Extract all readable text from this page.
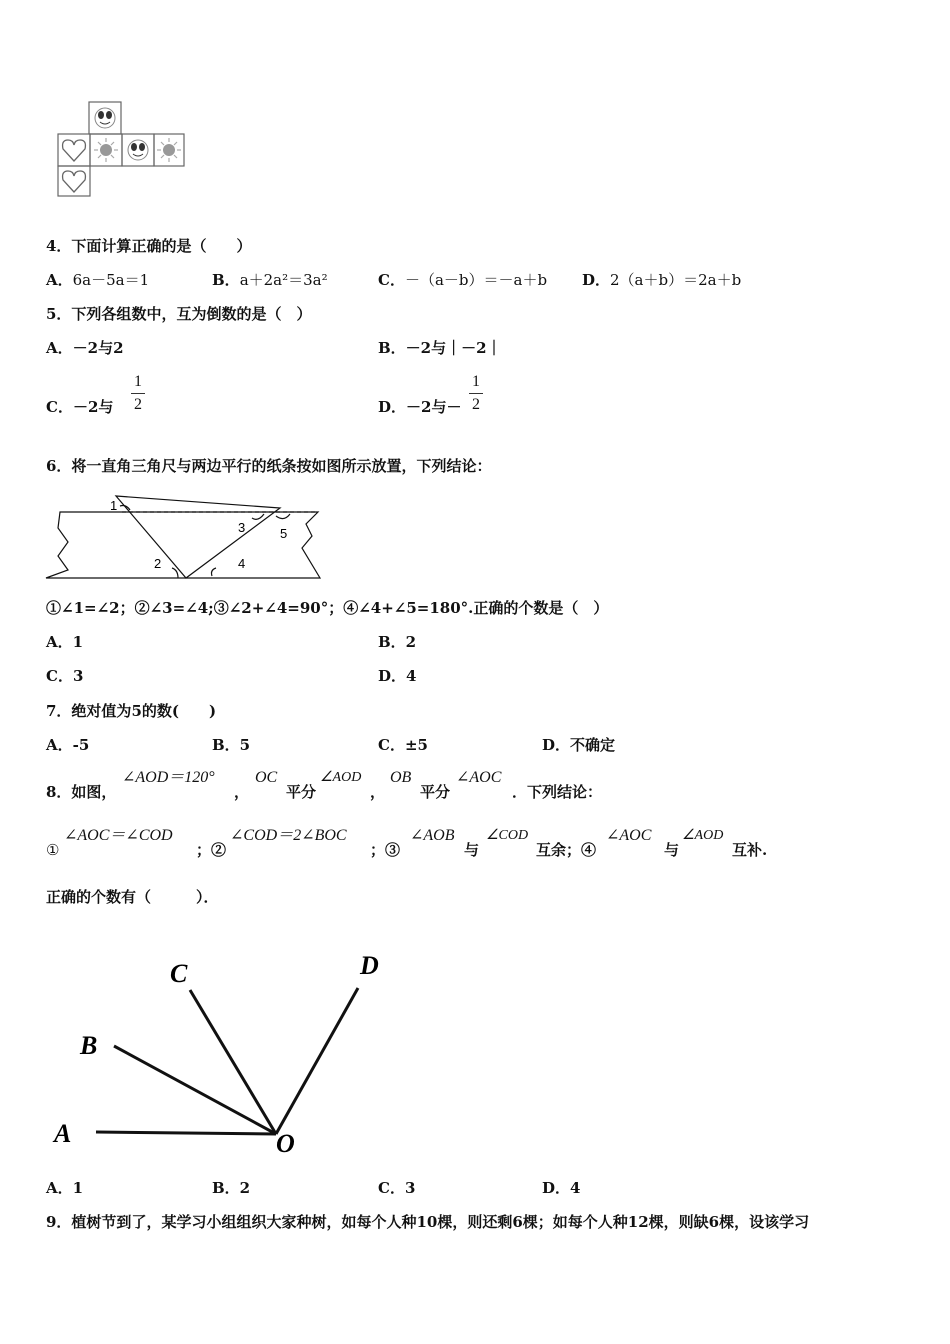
4．下面计算正确的是（　　）
A．6a－5a＝1	B．a＋2a²＝3a²	C．－（a－b）＝－a＋b D．2（a＋b）＝2a＋b
5．下列各组数中，互为倒数的是（　）
A．－2与2	B．－2与｜－2｜
C．－2与
1
2	D．－2与－
1
2
6．将一直角三角尺与两边平行的纸条按如图所示放置，下列结论：
1
2
3
4
5
①∠1=∠2；②∠3=∠4;③∠2+∠4=90°；④∠4+∠5=180°.正确的个数是（　）
A．1	B．2
C．3	D．4
7．绝对值为5的数(　　)
A．-5	B．5	C．±5	D．不确定
8．如图，
∠AOD＝120°
，
OC
平分
∠AOD
，
OB
平分
∠AOC
．下列结论：
①
∠AOC＝∠COD
；②
∠COD＝2∠BOC
；③
∠AOB
与
∠COD
互余；④
∠AOC
与
∠AOD
互补.
正确的个数有（　　　）．
A
B
C	D
O
A．1	B．2	C．3	D．4
9．植树节到了，某学习小组组织大家种树，如每个人种10棵，则还剩6棵；如每个人种12棵，则缺6棵，设该学习
